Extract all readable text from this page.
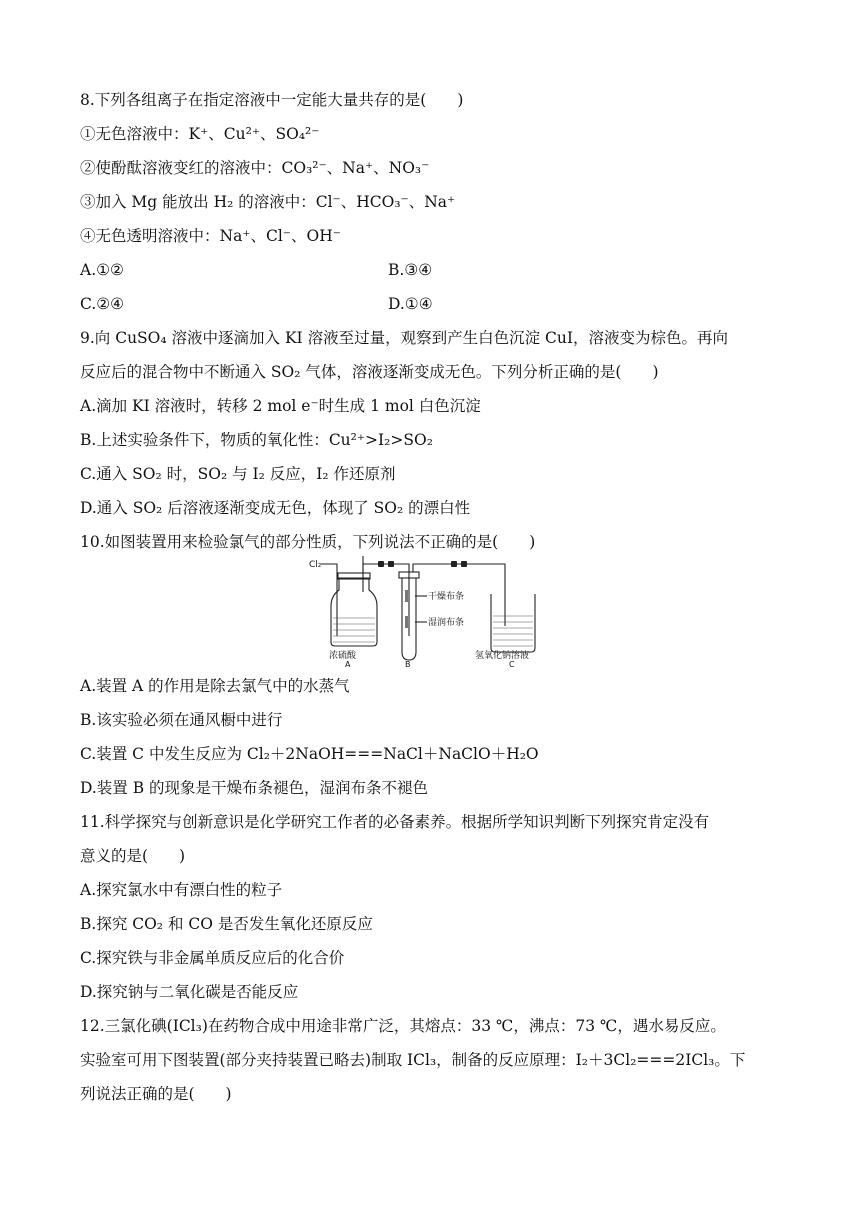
8.下列各组离子在指定溶液中一定能大量共存的是(　　)
①无色溶液中：K⁺、Cu²⁺、SO₄²⁻
②使酚酞溶液变红的溶液中：CO₃²⁻、Na⁺、NO₃⁻
③加入 Mg 能放出 H₂ 的溶液中：Cl⁻、HCO₃⁻、Na⁺
④无色透明溶液中：Na⁺、Cl⁻、OH⁻
A.①②	B.③④
C.②④	D.①④
9.向 CuSO₄ 溶液中逐滴加入 KI 溶液至过量，观察到产生白色沉淀 CuI，溶液变为棕色。再向
反应后的混合物中不断通入 SO₂ 气体，溶液逐渐变成无色。下列分析正确的是(　　)
A.滴加 KI 溶液时，转移 2 mol e⁻时生成 1 mol 白色沉淀
B.上述实验条件下，物质的氧化性：Cu²⁺>I₂>SO₂
C.通入 SO₂ 时，SO₂ 与 I₂ 反应，I₂ 作还原剂
D.通入 SO₂ 后溶液逐渐变成无色，体现了 SO₂ 的漂白性
10.如图装置用来检验氯气的部分性质，下列说法不正确的是(　　)
Cl₂
干燥布条
湿润布条
浓硫酸	氢氧化钠溶液
A	B	C
A.装置 A 的作用是除去氯气中的水蒸气
B.该实验必须在通风橱中进行
C.装置 C 中发生反应为 Cl₂＋2NaOH===NaCl＋NaClO＋H₂O
D.装置 B 的现象是干燥布条褪色，湿润布条不褪色
11.科学探究与创新意识是化学研究工作者的必备素养。根据所学知识判断下列探究肯定没有
意义的是(　　)
A.探究氯水中有漂白性的粒子
B.探究 CO₂ 和 CO 是否发生氧化还原反应
C.探究铁与非金属单质反应后的化合价
D.探究钠与二氧化碳是否能反应
12.三氯化碘(ICl₃)在药物合成中用途非常广泛，其熔点：33 ℃，沸点：73 ℃，遇水易反应。
实验室可用下图装置(部分夹持装置已略去)制取 ICl₃，制备的反应原理：I₂＋3Cl₂===2ICl₃。下
列说法正确的是(　　)
